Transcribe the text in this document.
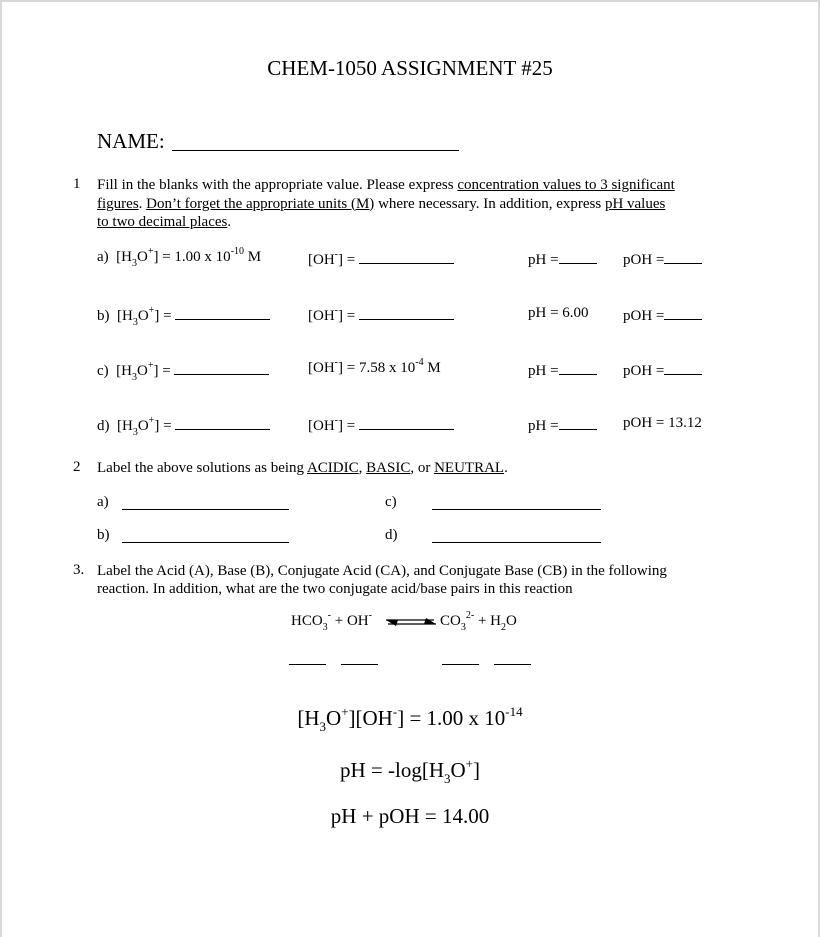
CHEM-1050 ASSIGNMENT #25
NAME:
1 Fill in the blanks with the appropriate value. Please express concentration values to 3 significant
figures. Don’t forget the appropriate units (M) where necessary. In addition, express pH values
to two decimal places.
a)  $[H_3O^+] = 1.00$ x $10^{-10}$ M	[OH-] =	pH =	pOH =
b)  $[H_3O^+]$ =	[OH-] =	pH = 6.00 pOH =
c)  $[H_3O^+]$ =	[OH-] = 7.58 x $10^{-4}$ M	pH =	pOH =
d)  $[H_3O^+]$ =	[OH-] =	pH =	pOH = 13.12
2 Label the above solutions as being ACIDIC, BASIC, or NEUTRAL.
a)	c)
b)	d)
3. Label the Acid (A), Base (B), Conjugate Acid (CA), and Conjugate Base (CB) in the following
reaction. In addition, what are the two conjugate acid/base pairs in this reaction
$HCO_3^- + OH^-$ ⇌ $CO_3^{2-} + H_2O$
$[H_3O^+][OH^-] = 1.00$ x $10^{-14}$
pH = $-\log[H_3O^+]$
pH + pOH = 14.00
